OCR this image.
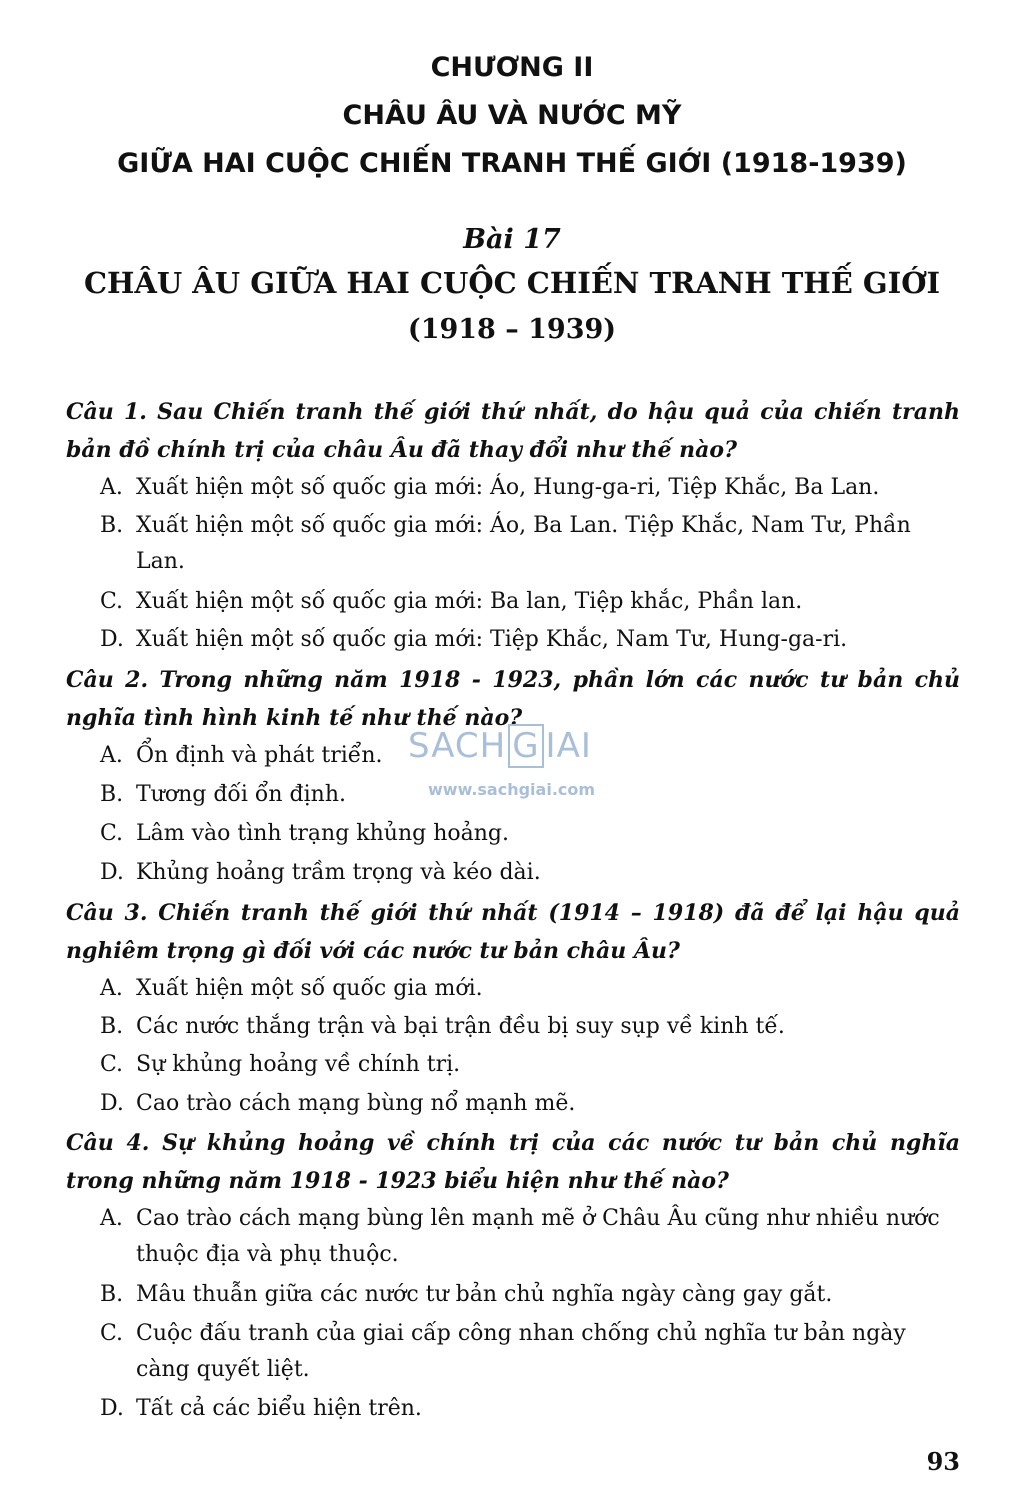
CHƯƠNG II
CHÂU ÂU VÀ NƯỚC MỸ
GIỮA HAI CUỘC CHIẾN TRANH THẾ GIỚI (1918-1939)
Bài 17
CHÂU ÂU GIỮA HAI CUỘC CHIẾN TRANH THẾ GIỚI
(1918 – 1939)
Câu 1. Sau Chiến tranh thế giới thứ nhất, do hậu quả của chiến tranh bản đồ chính trị của châu Âu đã thay đổi như thế nào?
A. Xuất hiện một số quốc gia mới: Áo, Hung-ga-ri, Tiệp Khắc, Ba Lan.
B. Xuất hiện một số quốc gia mới: Áo, Ba Lan. Tiệp Khắc, Nam Tư, Phần Lan.
C. Xuất hiện một số quốc gia mới: Ba lan, Tiệp khắc, Phần lan.
D. Xuất hiện một số quốc gia mới: Tiệp Khắc, Nam Tư, Hung-ga-ri.
Câu 2. Trong những năm 1918 - 1923, phần lớn các nước tư bản chủ nghĩa tình hình kinh tế như thế nào?
A. Ổn định và phát triển.
B. Tương đối ổn định.
C. Lâm vào tình trạng khủng hoảng.
D. Khủng hoảng trầm trọng và kéo dài.
Câu 3. Chiến tranh thế giới thứ nhất (1914 – 1918) đã để lại hậu quả nghiêm trọng gì đối với các nước tư bản châu Âu?
A. Xuất hiện một số quốc gia mới.
B. Các nước thắng trận và bại trận đều bị suy sụp về kinh tế.
C. Sự khủng hoảng về chính trị.
D. Cao trào cách mạng bùng nổ mạnh mẽ.
Câu 4. Sự khủng hoảng về chính trị của các nước tư bản chủ nghĩa trong những năm 1918 - 1923 biểu hiện như thế nào?
A. Cao trào cách mạng bùng lên mạnh mẽ ở Châu Âu cũng như nhiều nước thuộc địa và phụ thuộc.
B. Mâu thuẫn giữa các nước tư bản chủ nghĩa ngày càng gay gắt.
C. Cuộc đấu tranh của giai cấp công nhan chống chủ nghĩa tư bản ngày càng quyết liệt.
D. Tất cả các biểu hiện trên.
SACH G IAI
www.sachgiai.com
93
